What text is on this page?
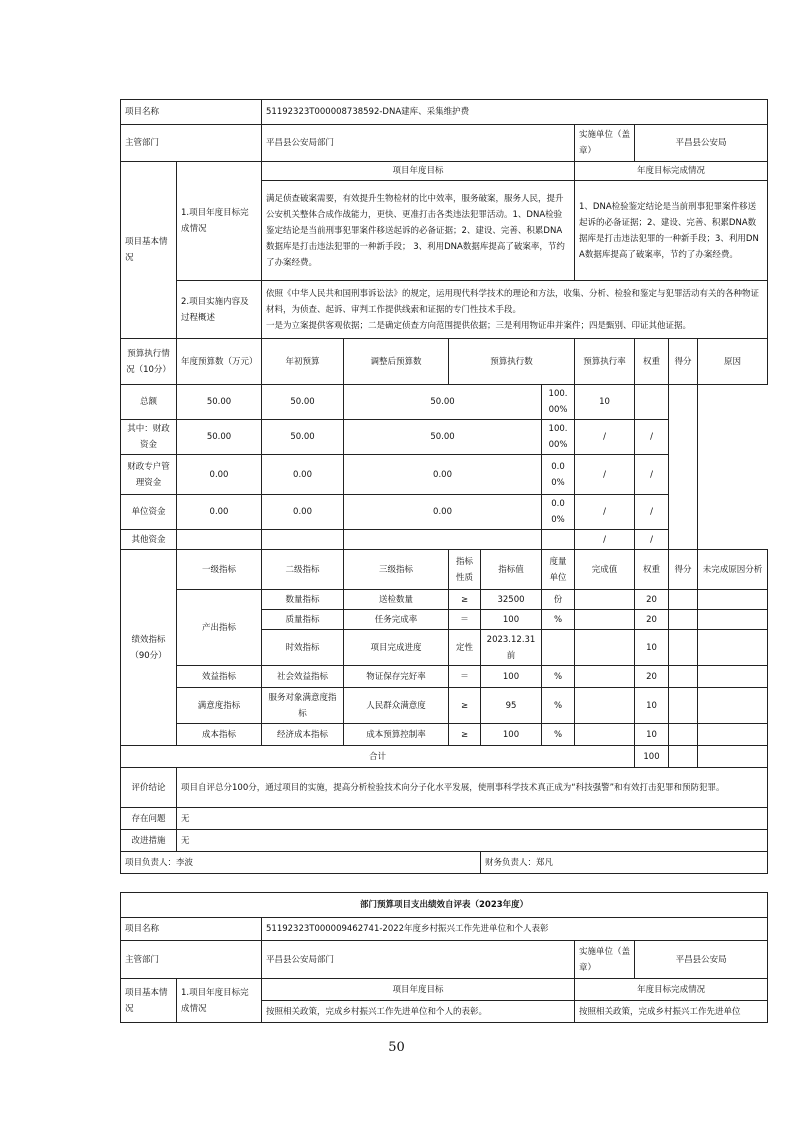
项目名称		51192323T000008738592-DNA建库、采集维护费								
主管部门		平昌县公安局部门					实施单位（盖章）	平昌县公安局		
项目基本情况	1.项目年度目标完成情况	项目年度目标					年度目标完成情况			
		满足侦查破案需要，有效提升生物检材的比中效率，服务破案，服务人民，提升公安机关整体合成作战能力，更快、更准打击各类违法犯罪活动。1、DNA检验鉴定结论是当前刑事犯罪案件移送起诉的必备证据；2、建设、完善、积累DNA数据库是打击违法犯罪的一种新手段； 3、利用DNA数据库提高了破案率，节约了办案经费。					1、DNA检验鉴定结论是当前刑事犯罪案件移送起诉的必备证据；2、建设、完善、积累DNA数据库是打击违法犯罪的一种新手段；3、利用DNA数据库提高了破案率，节约了办案经费。			
	2.项目实施内容及过程概述	依照《中华人民共和国刑事诉讼法》的规定，运用现代科学技术的理论和方法，收集、分析、检验和鉴定与犯罪活动有关的各种物证材料，为侦查、起诉、审判工作提供线索和证据的专门性技术手段。
一是为立案提供客观依据；二是确定侦查方向范围提供依据；三是利用物证串并案件；四是甄别、印证其他证据。								

预算执行情况（10分）	年度预算数（万元）	年初预算	调整后预算数	预算执行数			预算执行率	权重	得分	原因
总额	50.00	50.00	50.00			100.00%	10			
其中：财政资金	50.00	50.00	50.00			100.00%	/	/		
财政专户管理资金	0.00	0.00	0.00			0.00%	/	/		
单位资金	0.00	0.00	0.00			0.00%	/	/		
其他资金							/	/		
绩效指标（90分）	一级指标	二级指标	三级指标	指标性质	指标值	度量单位	完成值	权重	得分	未完成原因分析
	产出指标	数量指标	送检数量	≥	32500	份		20		
		质量指标	任务完成率	＝	100	%		20		
		时效指标	项目完成进度	定性	2023.12.31前			10		
	效益指标	社会效益指标	物证保存完好率	＝	100	%		20		
	满意度指标	服务对象满意度指标	人民群众满意度	≥	95	%		10		
	成本指标	经济成本指标	成本预算控制率	≥	100	%		10		
合计								100		
评价结论	项目自评总分100分，通过项目的实施，提高分析检验技术向分子化水平发展，使刑事科学技术真正成为“科技强警”和有效打击犯罪和预防犯罪。									
存在问题	无									
改进措施	无									
项目负责人：李波					财务负责人：郑凡					
部门预算项目支出绩效自评表（2023年度）				
项目名称		51192323T000009462741-2022年度乡村振兴工作先进单位和个人表彰		
主管部门		平昌县公安局部门	实施单位（盖章）	平昌县公安局
项目基本情况	1.项目年度目标完成情况	项目年度目标	年度目标完成情况	
		按照相关政策，完成乡村振兴工作先进单位和个人的表彰。	按照相关政策，完成乡村振兴工作先进单位	
50
